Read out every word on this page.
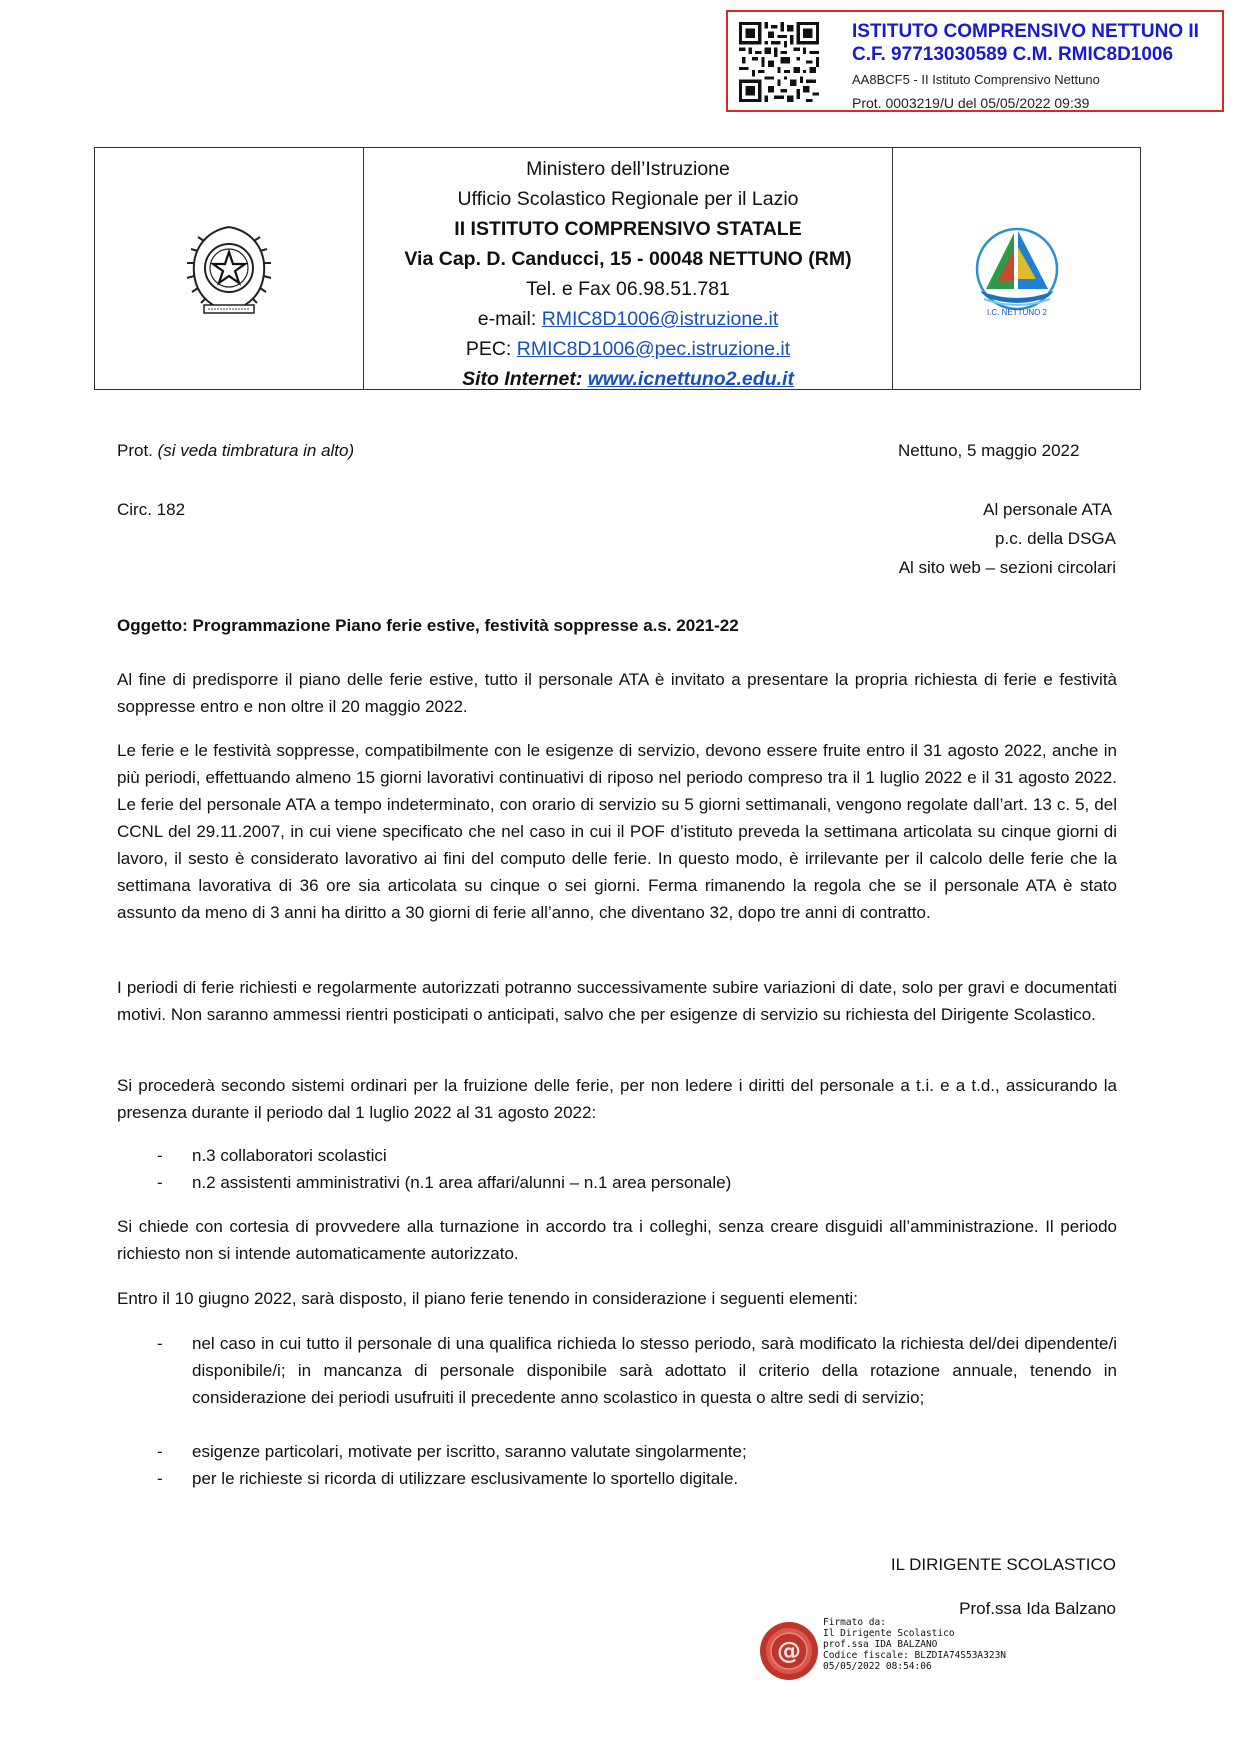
ISTITUTO COMPRENSIVO NETTUNO II
C.F. 97713030589 C.M. RMIC8D1006
AA8BCF5 - II Istituto Comprensivo Nettuno
Prot. 0003219/U del 05/05/2022 09:39
Ministero dell’Istruzione
Ufficio Scolastico Regionale per il Lazio
II ISTITUTO COMPRENSIVO STATALE
Via Cap. D. Canducci, 15 - 00048 NETTUNO (RM)
Tel. e Fax 06.98.51.781
e-mail: RMIC8D1006@istruzione.it
PEC: RMIC8D1006@pec.istruzione.it
Sito Internet: www.icnettuno2.edu.it
I.C. NETTUNO 2
Prot. (si veda timbratura in alto)	Nettuno, 5 maggio 2022
Circ. 182	Al personale ATA
p.c. della DSGA
Al sito web – sezioni circolari
Oggetto: Programmazione Piano ferie estive, festività soppresse a.s. 2021-22
Al fine di predisporre il piano delle ferie estive, tutto il personale ATA è invitato a presentare la propria richiesta di ferie e festività soppresse entro e non oltre il 20 maggio 2022.
Le ferie e le festività soppresse, compatibilmente con le esigenze di servizio, devono essere fruite entro il 31 agosto 2022, anche in più periodi, effettuando almeno 15 giorni lavorativi continuativi di riposo nel periodo compreso tra il 1 luglio 2022 e il 31 agosto 2022. Le ferie del personale ATA a tempo indeterminato, con orario di servizio su 5 giorni settimanali, vengono regolate dall’art. 13 c. 5, del CCNL del 29.11.2007, in cui viene specificato che nel caso in cui il POF d’istituto preveda la settimana articolata su cinque giorni di lavoro, il sesto è considerato lavorativo ai fini del computo delle ferie. In questo modo, è irrilevante per il calcolo delle ferie che la settimana lavorativa di 36 ore sia articolata su cinque o sei giorni. Ferma rimanendo la regola che se il personale ATA è stato assunto da meno di 3 anni ha diritto a 30 giorni di ferie all’anno, che diventano 32, dopo tre anni di contratto.
I periodi di ferie richiesti e regolarmente autorizzati potranno successivamente subire variazioni di date, solo per gravi e documentati motivi. Non saranno ammessi rientri posticipati o anticipati, salvo che per esigenze di servizio su richiesta del Dirigente Scolastico.
Si procederà secondo sistemi ordinari per la fruizione delle ferie, per non ledere i diritti del personale a t.i. e a t.d., assicurando la presenza durante il periodo dal 1 luglio 2022 al 31 agosto 2022:
- n.3 collaboratori scolastici
- n.2 assistenti amministrativi (n.1 area affari/alunni – n.1 area personale)
Si chiede con cortesia di provvedere alla turnazione in accordo tra i colleghi, senza creare disguidi all’amministrazione. Il periodo richiesto non si intende automaticamente autorizzato.
Entro il 10 giugno 2022, sarà disposto, il piano ferie tenendo in considerazione i seguenti elementi:
- nel caso in cui tutto il personale di una qualifica richieda lo stesso periodo, sarà modificato la richiesta del/dei dipendente/i disponibile/i; in mancanza di personale disponibile sarà adottato il criterio della rotazione annuale, tenendo in considerazione dei periodi usufruiti il precedente anno scolastico in questa o altre sedi di servizio;
- esigenze particolari, motivate per iscritto, saranno valutate singolarmente;
- per le richieste si ricorda di utilizzare esclusivamente lo sportello digitale.
IL DIRIGENTE SCOLASTICO
Prof.ssa Ida Balzano
@
Firmato da:
Il Dirigente Scolastico
prof.ssa IDA BALZANO
Codice fiscale: BLZDIA74S53A323N
05/05/2022 08:54:06
